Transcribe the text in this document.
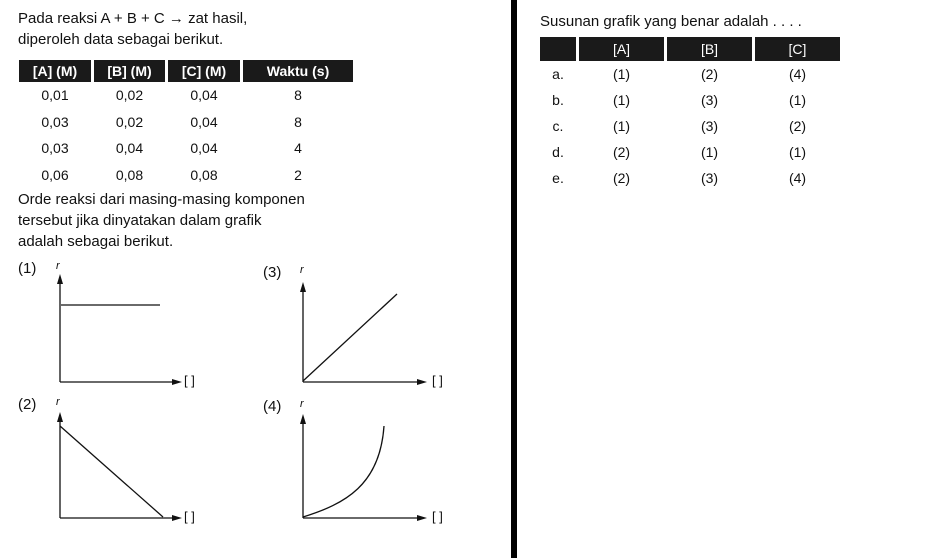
Pada reaksi A + B + C → zat hasil,
diperoleh data sebagai berikut.
[A] (M)	[B] (M)	[C] (M)	Waktu (s)
0,01	0,02	0,04	8
0,03	0,02	0,04	8
0,03	0,04	0,04	4
0,06	0,08	0,08	2
Orde reaksi dari masing-masing komponen
tersebut jika dinyatakan dalam grafik
adalah sebagai berikut.
(1) r
[ ]
(3) r
[ ]
(2) r
[ ]
(4) r
[ ]
Susunan grafik yang benar adalah . . . .
	[A]	[B]	[C]
a.	(1)	(2)	(4)
b.	(1)	(3)	(1)
c.	(1)	(3)	(2)
d.	(2)	(1)	(1)
e.	(2)	(3)	(4)
